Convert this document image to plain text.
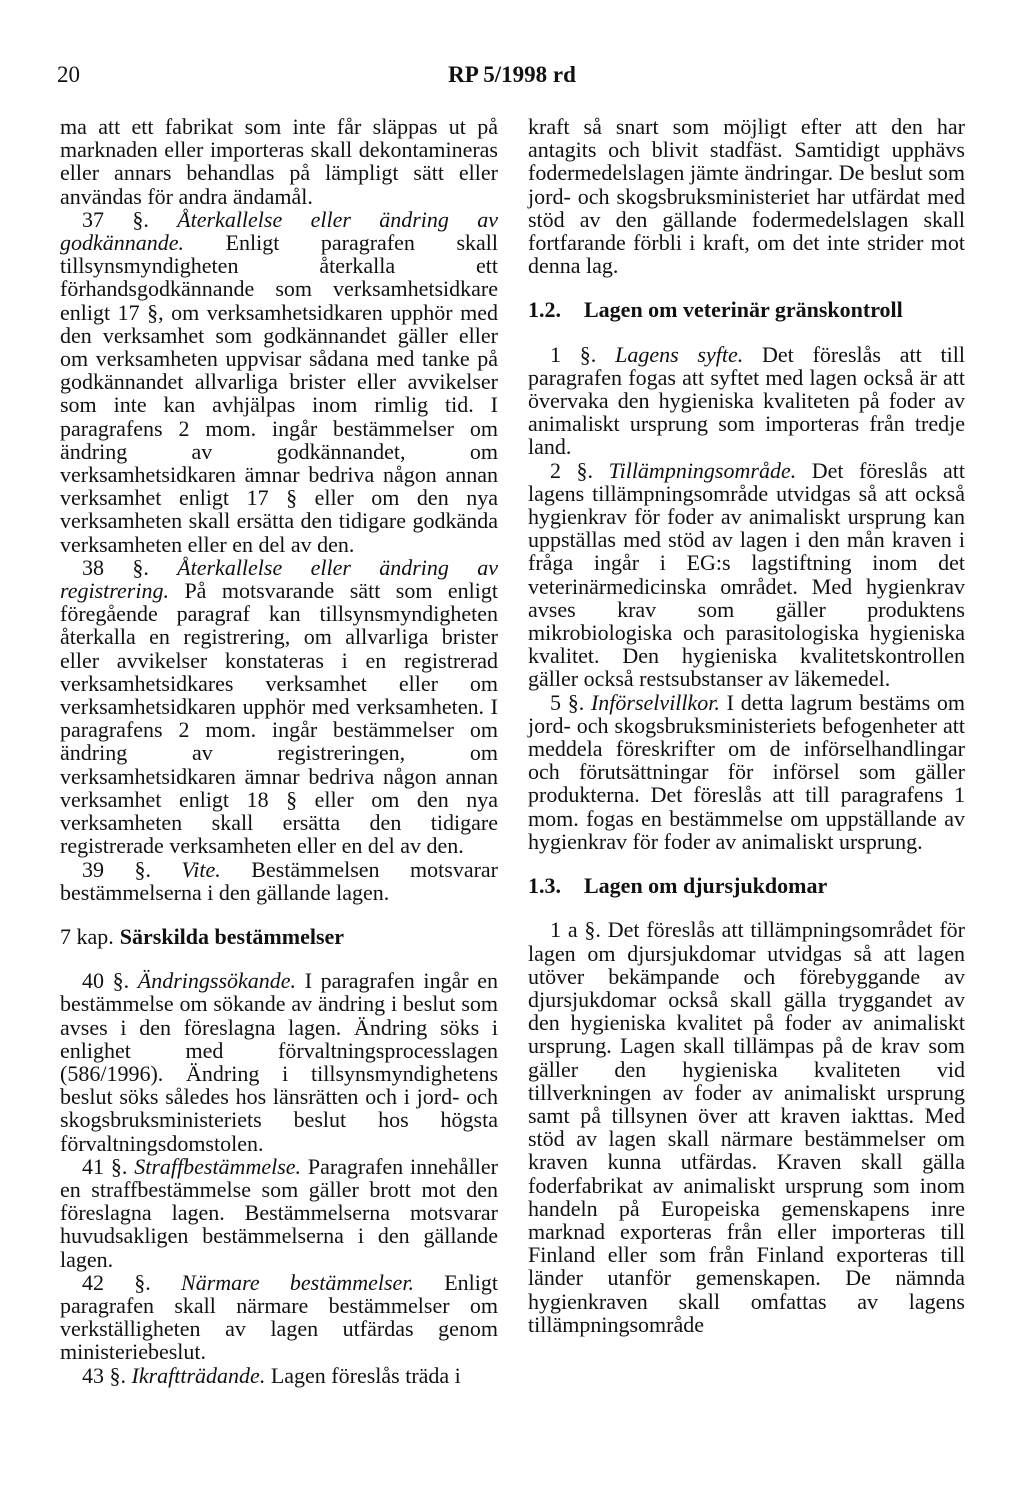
20	RP 5/1998 rd

ma att ett fabrikat som inte får släppas ut på marknaden eller importeras skall dekontamineras eller annars behandlas på lämpligt sätt eller användas för andra ändamål.

37 §. Återkallelse eller ändring av godkännande. Enligt paragrafen skall tillsynsmyndigheten återkalla ett förhandsgodkännande som verksamhetsidkare enligt 17 §, om verksamhetsidkaren upphör med den verksamhet som godkännandet gäller eller om verksamheten uppvisar sådana med tanke på godkännandet allvarliga brister eller avvikelser som inte kan avhjälpas inom rimlig tid. I paragrafens 2 mom. ingår bestämmelser om ändring av godkännandet, om verksamhetsidkaren ämnar bedriva någon annan verksamhet enligt 17 § eller om den nya verksamheten skall ersätta den tidigare godkända verksamheten eller en del av den.

38 §. Återkallelse eller ändring av registrering. På motsvarande sätt som enligt föregående paragraf kan tillsynsmyndigheten återkalla en registrering, om allvarliga brister eller avvikelser konstateras i en registrerad verksamhetsidkares verksamhet eller om verksamhetsidkaren upphör med verksamheten. I paragrafens 2 mom. ingår bestämmelser om ändring av registreringen, om verksamhetsidkaren ämnar bedriva någon annan verksamhet enligt 18 § eller om den nya verksamheten skall ersätta den tidigare registrerade verksamheten eller en del av den.

39 §. Vite. Bestämmelsen motsvarar bestämmelserna i den gällande lagen.

7 kap. Särskilda bestämmelser

40 §. Ändringssökande. I paragrafen ingår en bestämmelse om sökande av ändring i beslut som avses i den föreslagna lagen. Ändring söks i enlighet med förvaltningsprocesslagen (586/1996). Ändring i tillsynsmyndighetens beslut söks således hos länsrätten och i jord- och skogsbruksministeriets beslut hos högsta förvaltningsdomstolen.

41 §. Straffbestämmelse. Paragrafen innehåller en straffbestämmelse som gäller brott mot den föreslagna lagen. Bestämmelserna motsvarar huvudsakligen bestämmelserna i den gällande lagen.

42 §. Närmare bestämmelser. Enligt paragrafen skall närmare bestämmelser om verkställigheten av lagen utfärdas genom ministeriebeslut.

43 §. Ikraftträdande. Lagen föreslås träda i

kraft så snart som möjligt efter att den har antagits och blivit stadfäst. Samtidigt upphävs fodermedelslagen jämte ändringar. De beslut som jord- och skogsbruksministeriet har utfärdat med stöd av den gällande fodermedelslagen skall fortfarande förbli i kraft, om det inte strider mot denna lag.

1.2. Lagen om veterinär gränskontroll

1 §. Lagens syfte. Det föreslås att till paragrafen fogas att syftet med lagen också är att övervaka den hygieniska kvaliteten på foder av animaliskt ursprung som importeras från tredje land.

2 §. Tillämpningsområde. Det föreslås att lagens tillämpningsområde utvidgas så att också hygienkrav för foder av animaliskt ursprung kan uppställas med stöd av lagen i den mån kraven i fråga ingår i EG:s lagstiftning inom det veterinärmedicinska området. Med hygienkrav avses krav som gäller produktens mikrobiologiska och parasitologiska hygieniska kvalitet. Den hygieniska kvalitetskontrollen gäller också restsubstanser av läkemedel.

5 §. Införselvillkor. I detta lagrum bestäms om jord- och skogsbruksministeriets befogenheter att meddela föreskrifter om de införselhandlingar och förutsättningar för införsel som gäller produkterna. Det föreslås att till paragrafens 1 mom. fogas en bestämmelse om uppställande av hygienkrav för foder av animaliskt ursprung.

1.3. Lagen om djursjukdomar

1 a §. Det föreslås att tillämpningsområdet för lagen om djursjukdomar utvidgas så att lagen utöver bekämpande och förebyggande av djursjukdomar också skall gälla tryggandet av den hygieniska kvalitet på foder av animaliskt ursprung. Lagen skall tillämpas på de krav som gäller den hygieniska kvaliteten vid tillverkningen av foder av animaliskt ursprung samt på tillsynen över att kraven iakttas. Med stöd av lagen skall närmare bestämmelser om kraven kunna utfärdas. Kraven skall gälla foderfabrikat av animaliskt ursprung som inom handeln på Europeiska gemenskapens inre marknad exporteras från eller importeras till Finland eller som från Finland exporteras till länder utanför gemenskapen. De nämnda hygienkraven skall omfattas av lagens tillämpningsområde
